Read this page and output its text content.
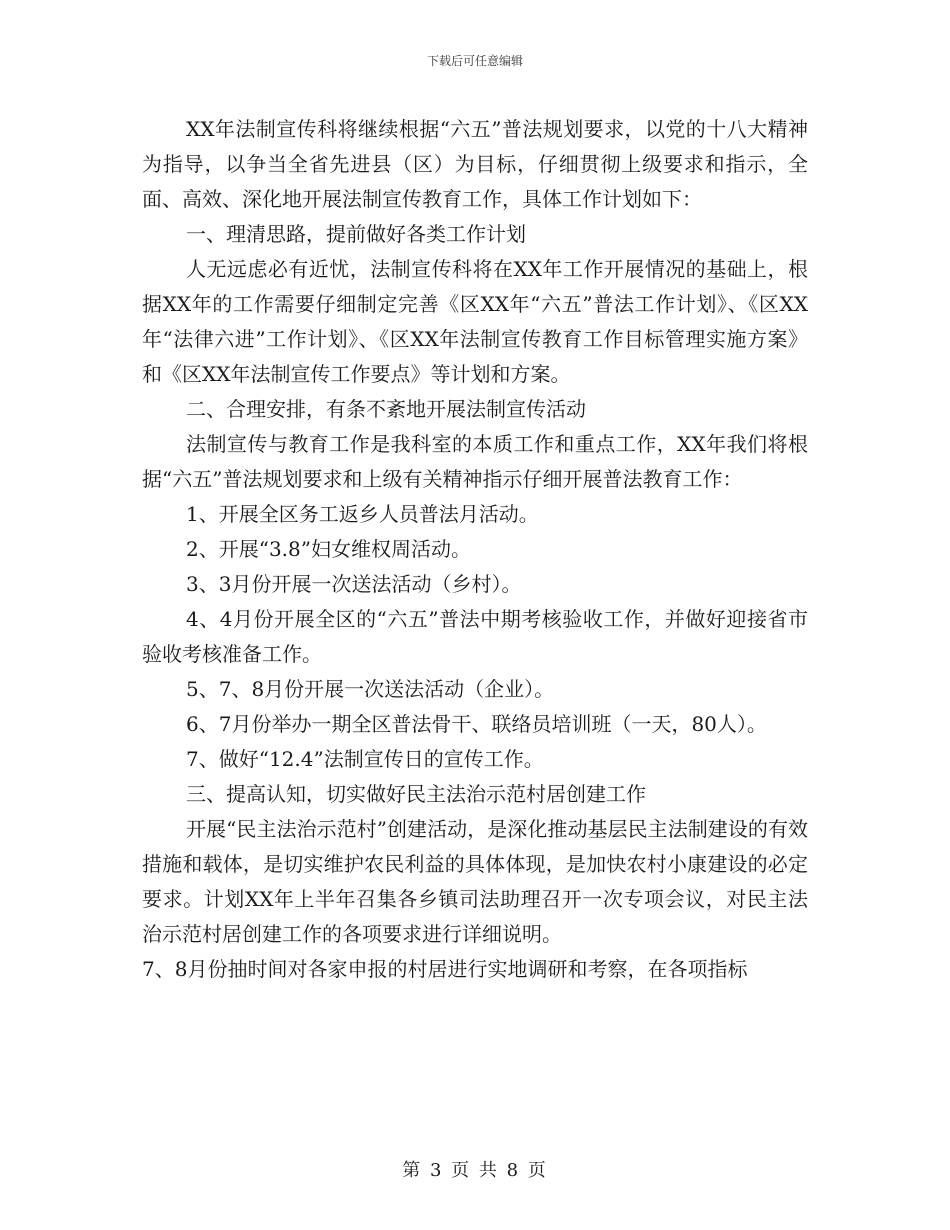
下载后可任意编辑

XX年法制宣传科将继续根据“六五”普法规划要求，以党的十八大精神为指导，以争当全省先进县（区）为目标，仔细贯彻上级要求和指示，全面、高效、深化地开展法制宣传教育工作，具体工作计划如下：

一、理清思路，提前做好各类工作计划

人无远虑必有近忧，法制宣传科将在XX年工作开展情况的基础上，根据XX年的工作需要仔细制定完善《区XX年“六五”普法工作计划》、《区XX年“法律六进”工作计划》、《区XX年法制宣传教育工作目标管理实施方案》和《区XX年法制宣传工作要点》等计划和方案。

二、合理安排，有条不紊地开展法制宣传活动

法制宣传与教育工作是我科室的本质工作和重点工作，XX年我们将根据“六五”普法规划要求和上级有关精神指示仔细开展普法教育工作：

1、开展全区务工返乡人员普法月活动。

2、开展“3.8”妇女维权周活动。

3、3月份开展一次送法活动（乡村）。

4、4月份开展全区的“六五”普法中期考核验收工作，并做好迎接省市验收考核准备工作。

5、7、8月份开展一次送法活动（企业）。

6、7月份举办一期全区普法骨干、联络员培训班（一天，80人）。

7、做好“12.4”法制宣传日的宣传工作。

三、提高认知，切实做好民主法治示范村居创建工作

开展“民主法治示范村”创建活动，是深化推动基层民主法制建设的有效措施和载体，是切实维护农民利益的具体体现，是加快农村小康建设的必定要求。计划XX年上半年召集各乡镇司法助理召开一次专项会议，对民主法治示范村居创建工作的各项要求进行详细说明。

7、8月份抽时间对各家申报的村居进行实地调研和考察，在各项指标

第 3 页 共 8 页
